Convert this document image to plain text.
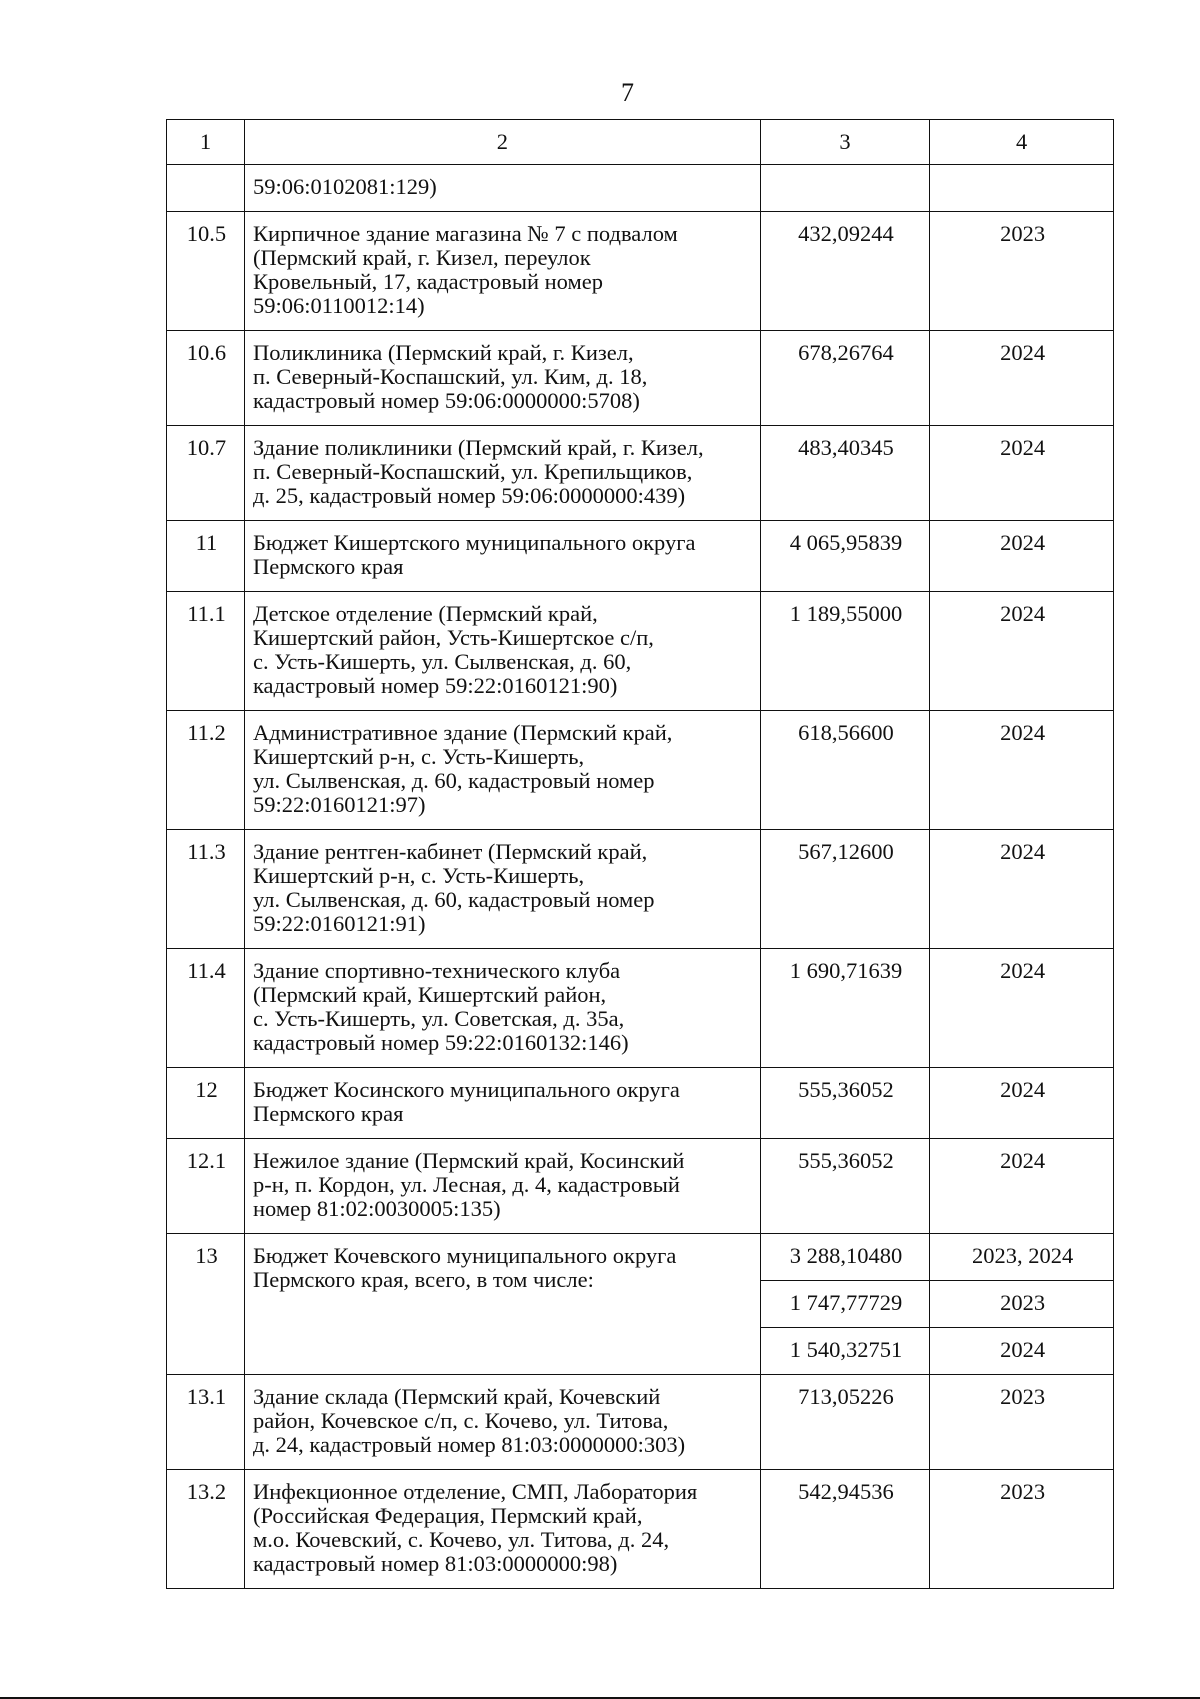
7
1	2	3	4

	59:06:0102081:129)		

10.5	Кирпичное здание магазина № 7 с подвалом
(Пермский край, г. Кизел, переулок
Кровельный, 17, кадастровый номер
59:06:0110012:14)	432,09244	2023
10.6	Поликлиника (Пермский край, г. Кизел,
п. Северный-Коспашский, ул. Ким, д. 18,
кадастровый номер 59:06:0000000:5708)	678,26764	2024
10.7	Здание поликлиники (Пермский край, г. Кизел,
п. Северный-Коспашский, ул. Крепильщиков,
д. 25, кадастровый номер 59:06:0000000:439)	483,40345	2024
11	Бюджет Кишертского муниципального округа
Пермского края	4 065,95839	2024
11.1	Детское отделение (Пермский край,
Кишертский район, Усть-Кишертское с/п,
с. Усть-Кишерть, ул. Сылвенская, д. 60,
кадастровый номер 59:22:0160121:90)	1 189,55000	2024
11.2	Административное здание (Пермский край,
Кишертский р-н, с. Усть-Кишерть,
ул. Сылвенская, д. 60, кадастровый номер
59:22:0160121:97)	618,56600	2024
11.3	Здание рентген-кабинет (Пермский край,
Кишертский р-н, с. Усть-Кишерть,
ул. Сылвенская, д. 60, кадастровый номер
59:22:0160121:91)	567,12600	2024
11.4	Здание спортивно-технического клуба
(Пермский край, Кишертский район,
с. Усть-Кишерть, ул. Советская, д. 35а,
кадастровый номер 59:22:0160132:146)	1 690,71639	2024
12	Бюджет Косинского муниципального округа
Пермского края	555,36052	2024
12.1	Нежилое здание (Пермский край, Косинский
р-н, п. Кордон, ул. Лесная, д. 4, кадастровый
номер 81:02:0030005:135)	555,36052	2024
13	Бюджет Кочевского муниципального округа
Пермского края, всего, в том числе:	3 288,10480	2023, 2024
		1 747,77729	2023
		1 540,32751	2024
13.1	Здание склада (Пермский край, Кочевский
район, Кочевское с/п, с. Кочево, ул. Титова,
д. 24, кадастровый номер 81:03:0000000:303)	713,05226	2023
13.2	Инфекционное отделение, СМП, Лаборатория
(Российская Федерация, Пермский край,
м.о. Кочевский, с. Кочево, ул. Титова, д. 24,
кадастровый номер 81:03:0000000:98)	542,94536	2023
